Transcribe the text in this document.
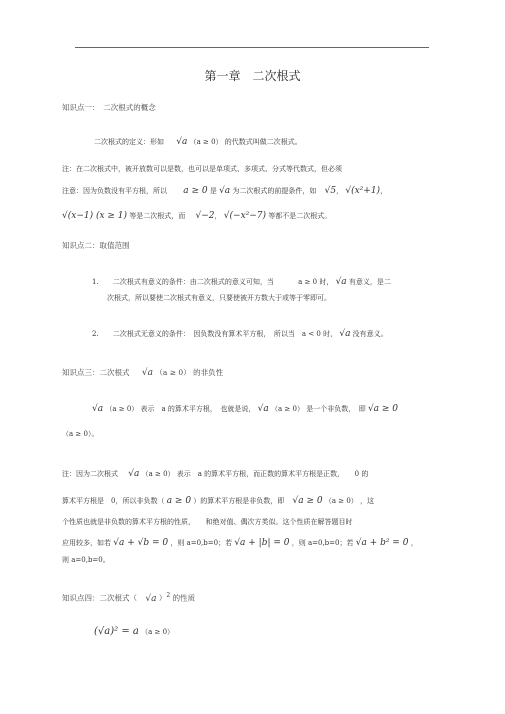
第一章　二次根式
知识点一：　二次根式的概念
二次根式的定义：形如 √a （a ≥ 0） 的代数式叫做二次根式。
注：在二次根式中，被开放数可以是数，也可以是单项式、多项式、分式等代数式，但必须
注意：因为负数没有平方根，所以 a ≥ 0 是 √a 为二次根式的前提条件，如 √5， √(x²+1)，
√(x−1) (x ≥ 1) 等是二次根式，而 √−2， √(−x²−7) 等都不是二次根式。
知识点二：取值范围
1. 二次根式有意义的条件：由二次根式的意义可知，当	a ≥ 0 时， √a 有意义，是二
次根式，所以要使二次根式有意义，只要使被开方数大于或等于零即可。
2. 二次根式无意义的条件：　因负数没有算术平方根，　所以当　a < 0 时， √a 没有意义。
知识点三：二次根式 √a （a ≥ 0） 的非负性
√a （a ≥ 0） 表示　a 的算术平方根，　也就是说， √a （a ≥ 0） 是一个非负数，　即 √a ≥ 0
（a ≥ 0）。
注：因为二次根式 √a （a ≥ 0） 表示　a 的算术平方根，而正数的算术平方根是正数，　　0 的
算术平方根是　0，所以非负数（ a ≥ 0 ）的算术平方根是非负数，即 √a ≥ 0 （a ≥ 0） ，这
个性质也就是非负数的算术平方根的性质，　　和绝对值、偶次方类似。这个性质在解答题目时
应用较多，如若 √a + √b = 0 ，则 a=0,b=0；若 √a + |b| = 0 ，则 a=0,b=0；若 √a + b² = 0 ，
则 a=0,b=0。
知识点四：二次根式（ √a ）$^2$ 的性质
(√a)² = a （a ≥ 0）
